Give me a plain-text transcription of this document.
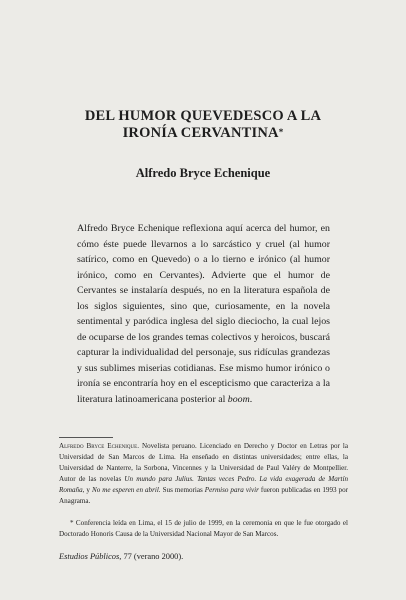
DEL HUMOR QUEVEDESCO A LA
IRONÍA CERVANTINA*
Alfredo Bryce Echenique

Alfredo Bryce Echenique reflexiona aquí acerca del humor, en cómo éste puede llevarnos a lo sarcástico y cruel (al humor satírico, como en Quevedo) o a lo tierno e irónico (al humor irónico, como en Cervantes). Advierte que el humor de Cervantes se instalaría después, no en la literatura española de los siglos siguientes, sino que, curiosamente, en la novela sentimental y paródica inglesa del siglo dieciocho, la cual lejos de ocuparse de los grandes temas colectivos y heroicos, buscará capturar la individualidad del personaje, sus ridículas grandezas y sus sublimes miserias cotidianas. Ese mismo humor irónico o ironía se encontraría hoy en el escepticismo que caracteriza a la literatura latinoamericana posterior al boom.

Alfredo Bryce Echenique. Novelista peruano. Licenciado en Derecho y Doctor en Letras por la Universidad de San Marcos de Lima. Ha enseñado en distintas universidades; entre ellas, la Universidad de Nanterre, la Sorbona, Vincennes y la Universidad de Paul Valéry de Montpellier. Autor de las novelas Un mundo para Julius. Tantas veces Pedro. La vida exagerada de Martín Romaña, y No me esperen en abril. Sus memorias Permiso para vivir fueron publicadas en 1993 por Anagrama.

* Conferencia leída en Lima, el 15 de julio de 1999, en la ceremonia en que le fue otorgado el Doctorado Honoris Causa de la Universidad Nacional Mayor de San Marcos.

Estudios Públicos, 77 (verano 2000).
